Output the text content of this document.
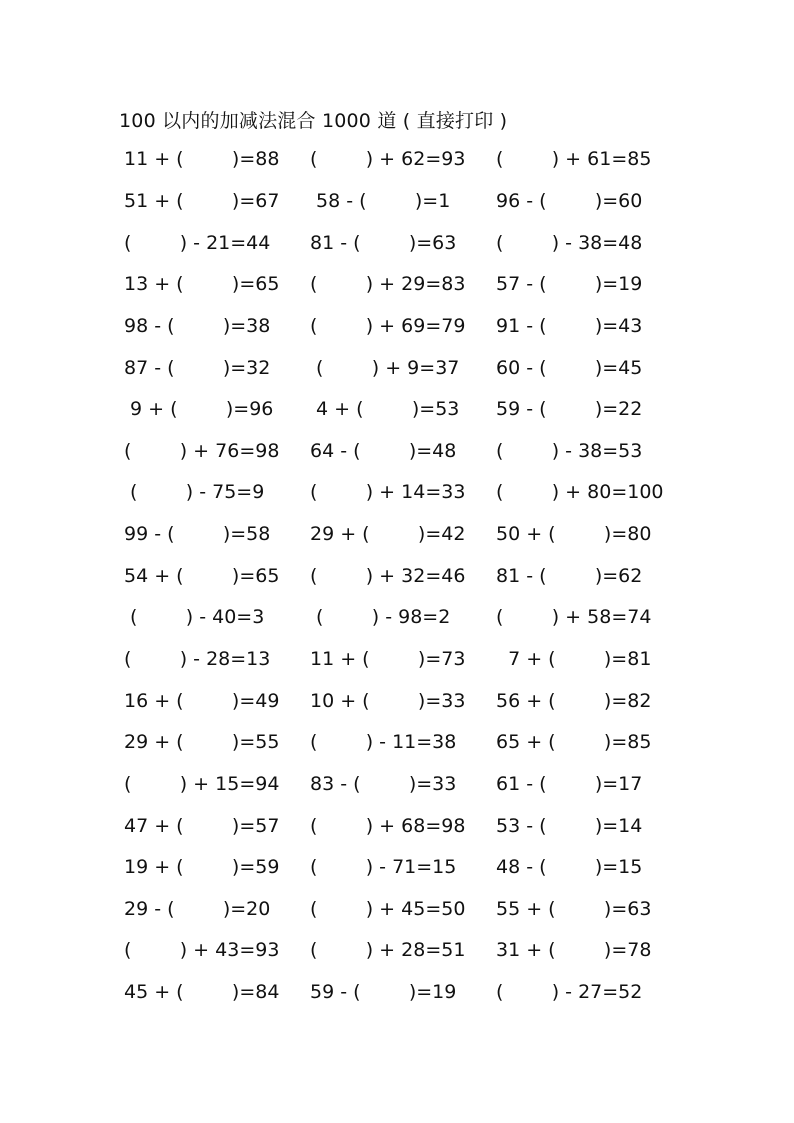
100 以内的加减法混合 1000 道 ( 直接打印 )
11 + (        )=88	(        ) + 62=93	(        ) + 61=85
51 + (        )=67	58 - (        )=1	96 - (        )=60
(        ) - 21=44	81 - (        )=63	(        ) - 38=48
13 + (        )=65	(        ) + 29=83	57 - (        )=19
98 - (        )=38	(        ) + 69=79	91 - (        )=43
87 - (        )=32	(        ) + 9=37	60 - (        )=45
9 + (        )=96	4 + (        )=53	59 - (        )=22
(        ) + 76=98	64 - (        )=48	(        ) - 38=53
(        ) - 75=9	(        ) + 14=33	(        ) + 80=100
99 - (        )=58	29 + (        )=42	50 + (        )=80
54 + (        )=65	(        ) + 32=46	81 - (        )=62
(        ) - 40=3	(        ) - 98=2	(        ) + 58=74
(        ) - 28=13	11 + (        )=73	7 + (        )=81
16 + (        )=49	10 + (        )=33	56 + (        )=82
29 + (        )=55	(        ) - 11=38	65 + (        )=85
(        ) + 15=94	83 - (        )=33	61 - (        )=17
47 + (        )=57	(        ) + 68=98	53 - (        )=14
19 + (        )=59	(        ) - 71=15	48 - (        )=15
29 - (        )=20	(        ) + 45=50	55 + (        )=63
(        ) + 43=93	(        ) + 28=51	31 + (        )=78
45 + (        )=84	59 - (        )=19	(        ) - 27=52
